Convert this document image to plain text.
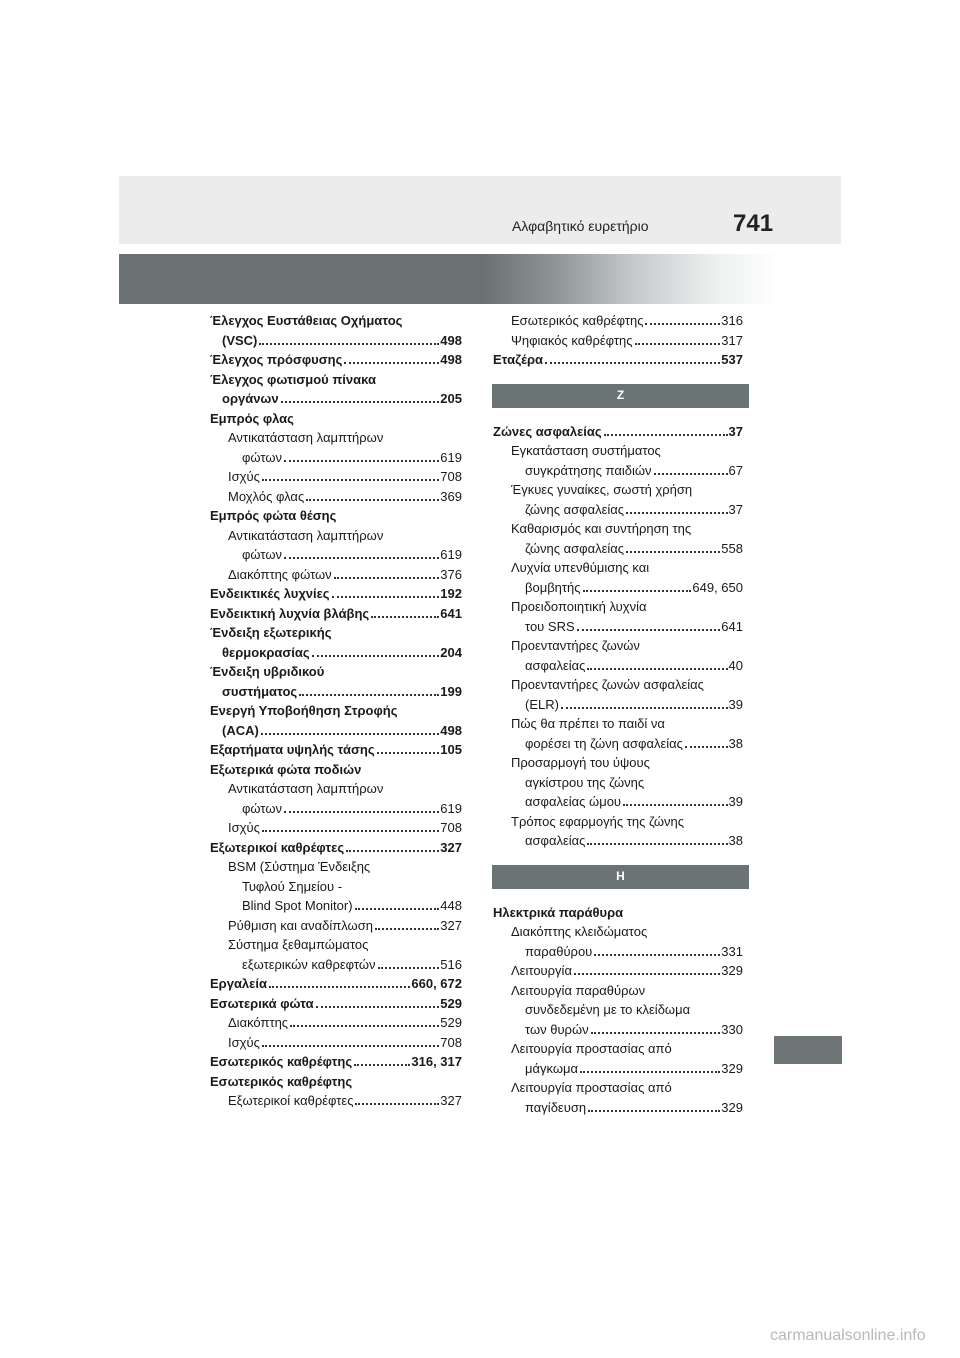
Αλφαβητικό ευρετήριο	741
Έλεγχος Ευστάθειας Οχήματος
(VSC)	498
Έλεγχος πρόσφυσης	498
Έλεγχος φωτισμού πίνακα
οργάνων	205
Εμπρός φλας
Αντικατάσταση λαμπτήρων
φώτων	619
Ισχύς	708
Μοχλός φλας	369
Εμπρός φώτα θέσης
Αντικατάσταση λαμπτήρων
φώτων	619
Διακόπτης φώτων	376
Ενδεικτικές λυχνίες	192
Ενδεικτική λυχνία βλάβης	641
Ένδειξη εξωτερικής
θερμοκρασίας	204
Ένδειξη υβριδικού
συστήματος	199
Ενεργή Υποβοήθηση Στροφής
(ACA)	498
Εξαρτήματα υψηλής τάσης	105
Εξωτερικά φώτα ποδιών
Αντικατάσταση λαμπτήρων
φώτων	619
Ισχύς	708
Εξωτερικοί καθρέφτες	327
BSM (Σύστημα Ένδειξης
Τυφλού Σημείου -
Blind Spot Monitor)	448
Ρύθμιση και αναδίπλωση	327
Σύστημα ξεθαμπώματος
εξωτερικών καθρεφτών	516
Εργαλεία	660, 672
Εσωτερικά φώτα	529
Διακόπτης	529
Ισχύς	708
Εσωτερικός καθρέφτης	316, 317
Εσωτερικός καθρέφτης
Εξωτερικοί καθρέφτες	327
Εσωτερικός καθρέφτης	316
Ψηφιακός καθρέφτης	317
Εταζέρα	537
Ζ
Ζώνες ασφαλείας	37
Εγκατάσταση συστήματος
συγκράτησης παιδιών	67
Έγκυες γυναίκες, σωστή χρήση
ζώνης ασφαλείας	37
Καθαρισμός και συντήρηση της
ζώνης ασφαλείας	558
Λυχνία υπενθύμισης και
βομβητής	649, 650
Προειδοποιητική λυχνία
του SRS	641
Προενταντήρες ζωνών
ασφαλείας	40
Προενταντήρες ζωνών ασφαλείας
(ELR)	39
Πώς θα πρέπει το παιδί να
φορέσει τη ζώνη ασφαλείας	38
Προσαρμογή του ύψους
αγκίστρου της ζώνης
ασφαλείας ώμου	39
Τρόπος εφαρμογής της ζώνης
ασφαλείας	38
Η
Ηλεκτρικά παράθυρα
Διακόπτης κλειδώματος
παραθύρου	331
Λειτουργία	329
Λειτουργία παραθύρων
συνδεδεμένη με το κλείδωμα
των θυρών	330
Λειτουργία προστασίας από
μάγκωμα	329
Λειτουργία προστασίας από
παγίδευση	329
carmanualsonline.info
